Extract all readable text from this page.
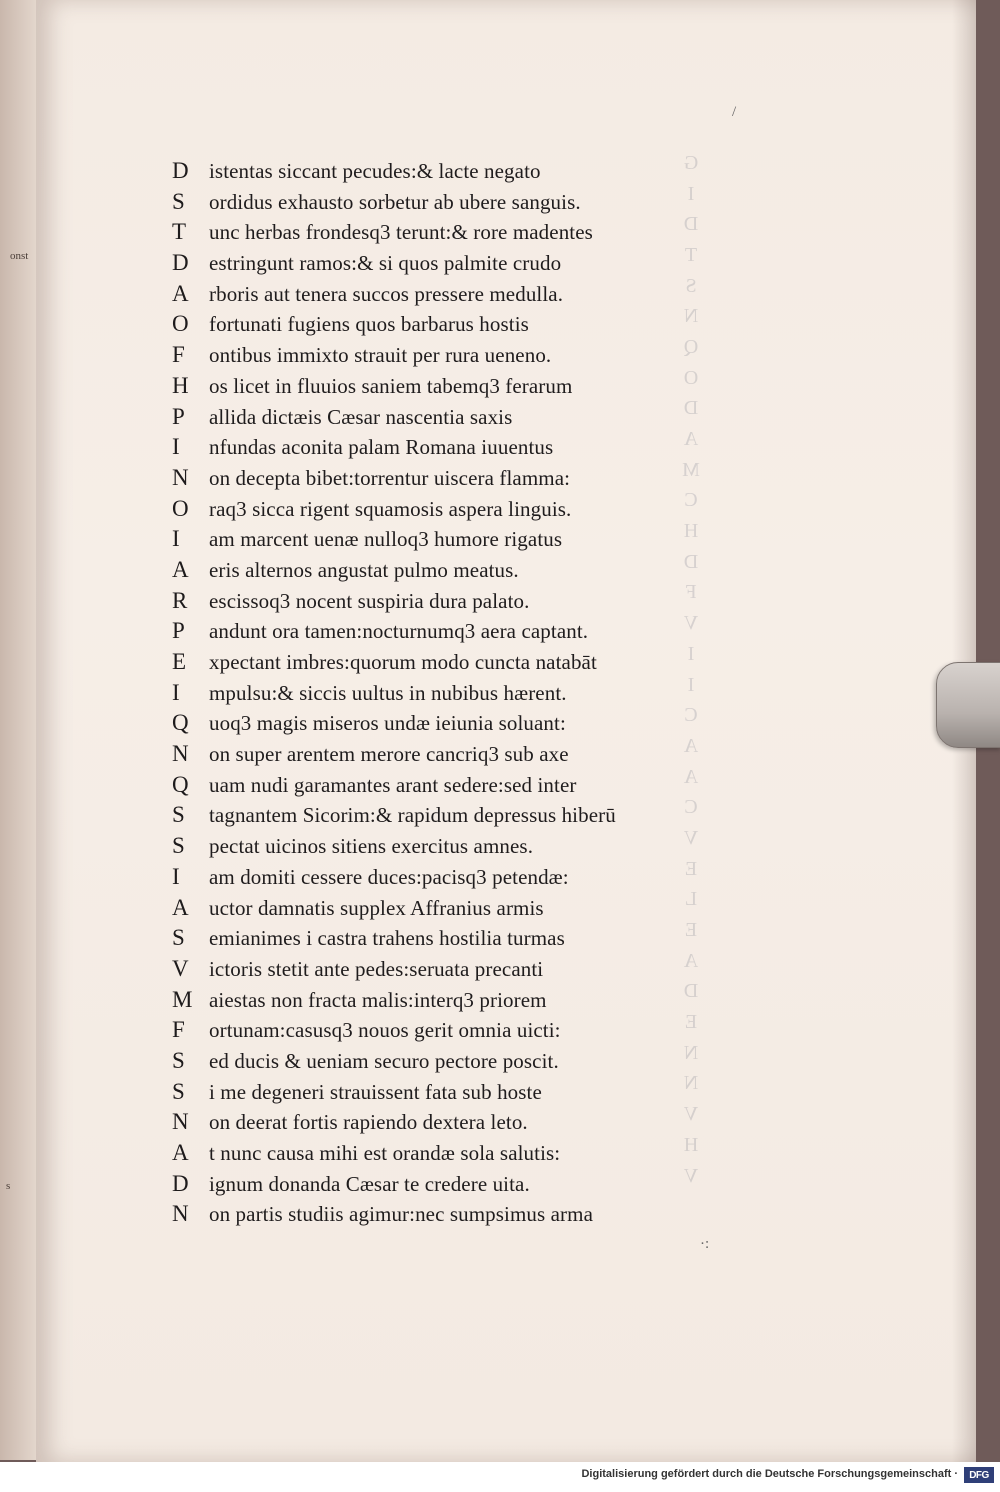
onst
s
/
·:
G
I
D
T
S
N
Q
O
D
A
M
C
H
D
F
V
I
I
C
A
A
C
V
E
L
E
A
D
E
N
N
V
H
V
D istentas siccant pecudes:& lacte negato
S	ordidus exhausto sorbetur ab ubere sanguis.
T	unc herbas frondesq3 terunt:& rore madentes
D estringunt ramos:& si quos palmite crudo
A rboris aut tenera succos pressere medulla.
O fortunati fugiens quos barbarus hostis
F	ontibus immixto strauit per rura ueneno.
H os licet in fluuios saniem tabemq3 ferarum
P	allida dictæis Cæsar nascentia saxis
I	nfundas aconita palam Romana iuuentus
N on decepta bibet:torrentur uiscera flamma:
O raq3 sicca rigent squamosis aspera linguis.
I	am marcent uenæ nulloq3 humore rigatus
A eris alternos angustat pulmo meatus.
R	escissoq3 nocent suspiria dura palato.
P	andunt ora tamen:nocturnumq3 aera captant.
E	xpectant imbres:quorum modo cuncta natabāt
I	mpulsu:& siccis uultus in nubibus hærent.
Q uoq3 magis miseros undæ ieiunia soluant:
N on super arentem merore cancriq3 sub axe
Q uam nudi garamantes arant sedere:sed inter
S	tagnantem Sicorim:& rapidum depressus hiberū
S	pectat uicinos sitiens exercitus amnes.
I	am domiti cessere duces:pacisq3 petendæ:
A uctor damnatis supplex Affranius armis
S	emianimes i castra trahens hostilia turmas
V ictoris stetit ante pedes:seruata precanti
M aiestas non fracta malis:interq3 priorem
F	ortunam:casusq3 nouos gerit omnia uicti:
S	ed ducis & ueniam securo pectore poscit.
S	i me degeneri strauissent fata sub hoste
N on deerat fortis rapiendo dextera leto.
A t nunc causa mihi est orandæ sola salutis:
D ignum donanda Cæsar te credere uita.
N on partis studiis agimur:nec sumpsimus arma
Digitalisierung gefördert durch die Deutsche Forschungsgemeinschaft ·	DFG
